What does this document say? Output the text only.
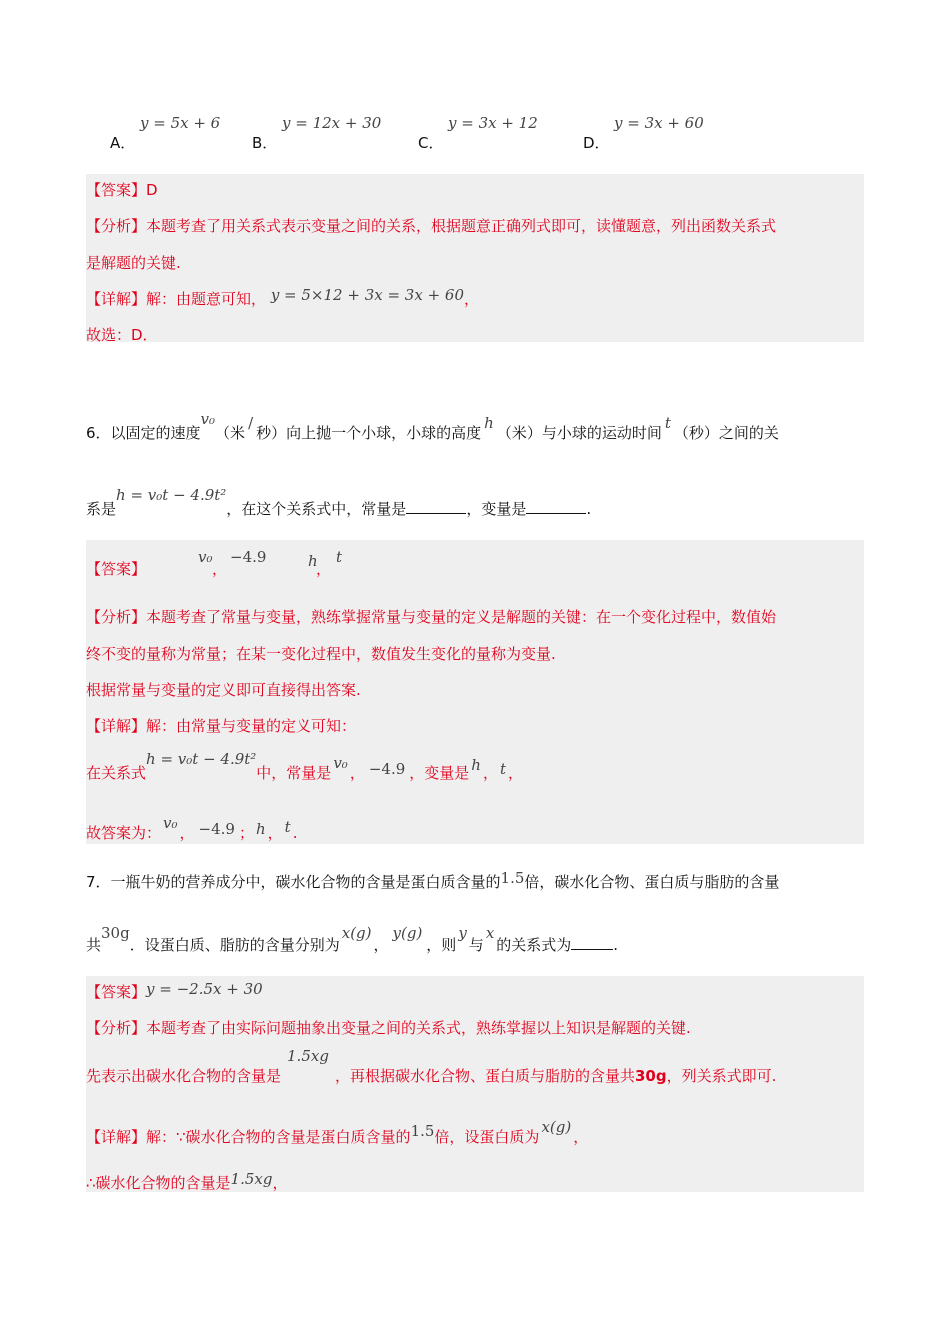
A．
y = 5x + 6
B．
y = 12x + 30
C．
y = 3x + 12
D．
y = 3x + 60
【答案】D
【分析】本题考查了用关系式表示变量之间的关系，根据题意正确列式即可，读懂题意，列出函数关系式
是解题的关键.
【详解】解：由题意可知， y = 5×12 + 3x = 3x + 60，
故选：D．
6．以固定的速度v₀（米/秒）向上抛一个小球，小球的高度h（米）与小球的运动时间t（秒）之间的关
系是h = v₀t − 4.9t²，在这个关系式中，常量是	，变量是	.
【答案】
v₀
，
−4.9	h
，
t
【分析】本题考查了常量与变量，熟练掌握常量与变量的定义是解题的关键：在一个变化过程中，数值始
终不变的量称为常量；在某一变化过程中，数值发生变化的量称为变量.
根据常量与变量的定义即可直接得出答案.
【详解】解：由常量与变量的定义可知：
在关系式h = v₀t − 4.9t²中，常量是v₀， −4.9 ，变量是 h ， t ，
故答案为：v₀， −4.9 ； h ， t .
7．一瓶牛奶的营养成分中，碳水化合物的含量是蛋白质含量的1.5倍，碳水化合物、蛋白质与脂肪的含量
共30g．设蛋白质、脂肪的含量分别为x(g)，y(g)，则y与x的关系式为	.
【答案】y = −2.5x + 30
【分析】本题考查了由实际问题抽象出变量之间的关系式，熟练掌握以上知识是解题的关键.
先表示出碳水化合物的含量是1.5xg，再根据碳水化合物、蛋白质与脂肪的含量共30g，列关系式即可.
【详解】解：∵碳水化合物的含量是蛋白质含量的1.5倍，设蛋白质为x(g)，
∴碳水化合物的含量是1.5xg，
